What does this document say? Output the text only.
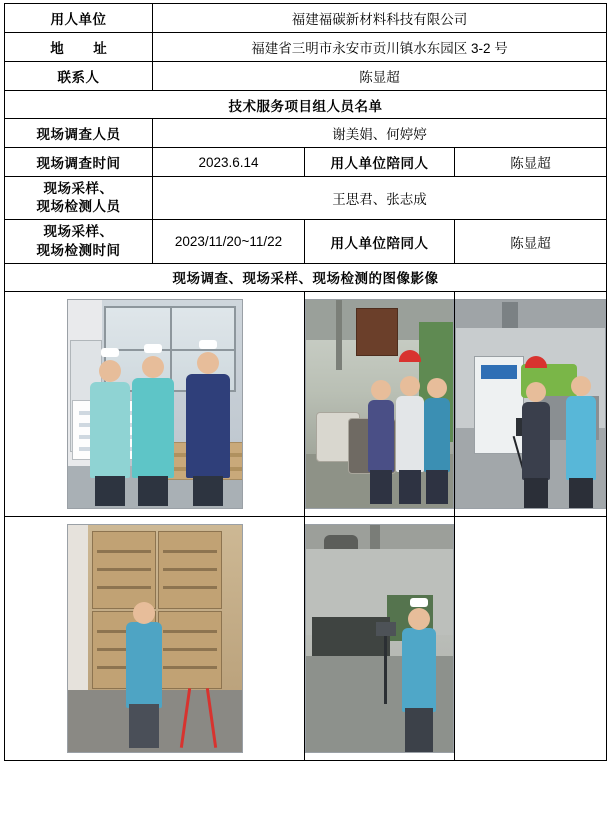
用人单位	福建福碳新材料科技有限公司		
地　址	福建省三明市永安市贡川镇水东园区 3-2 号		
联系人	陈显超		
技术服务项目组人员名单			
现场调查人员	谢美娟、何婷婷		
现场调查时间	2023.6.14	用人单位陪同人	陈显超

现场采样、
现场检测人员	王思君、张志成		

现场采样、
现场检测时间	2023/11/20~11/22	用人单位陪同人	陈显超
现场调查、现场采样、现场检测的图像影像			
